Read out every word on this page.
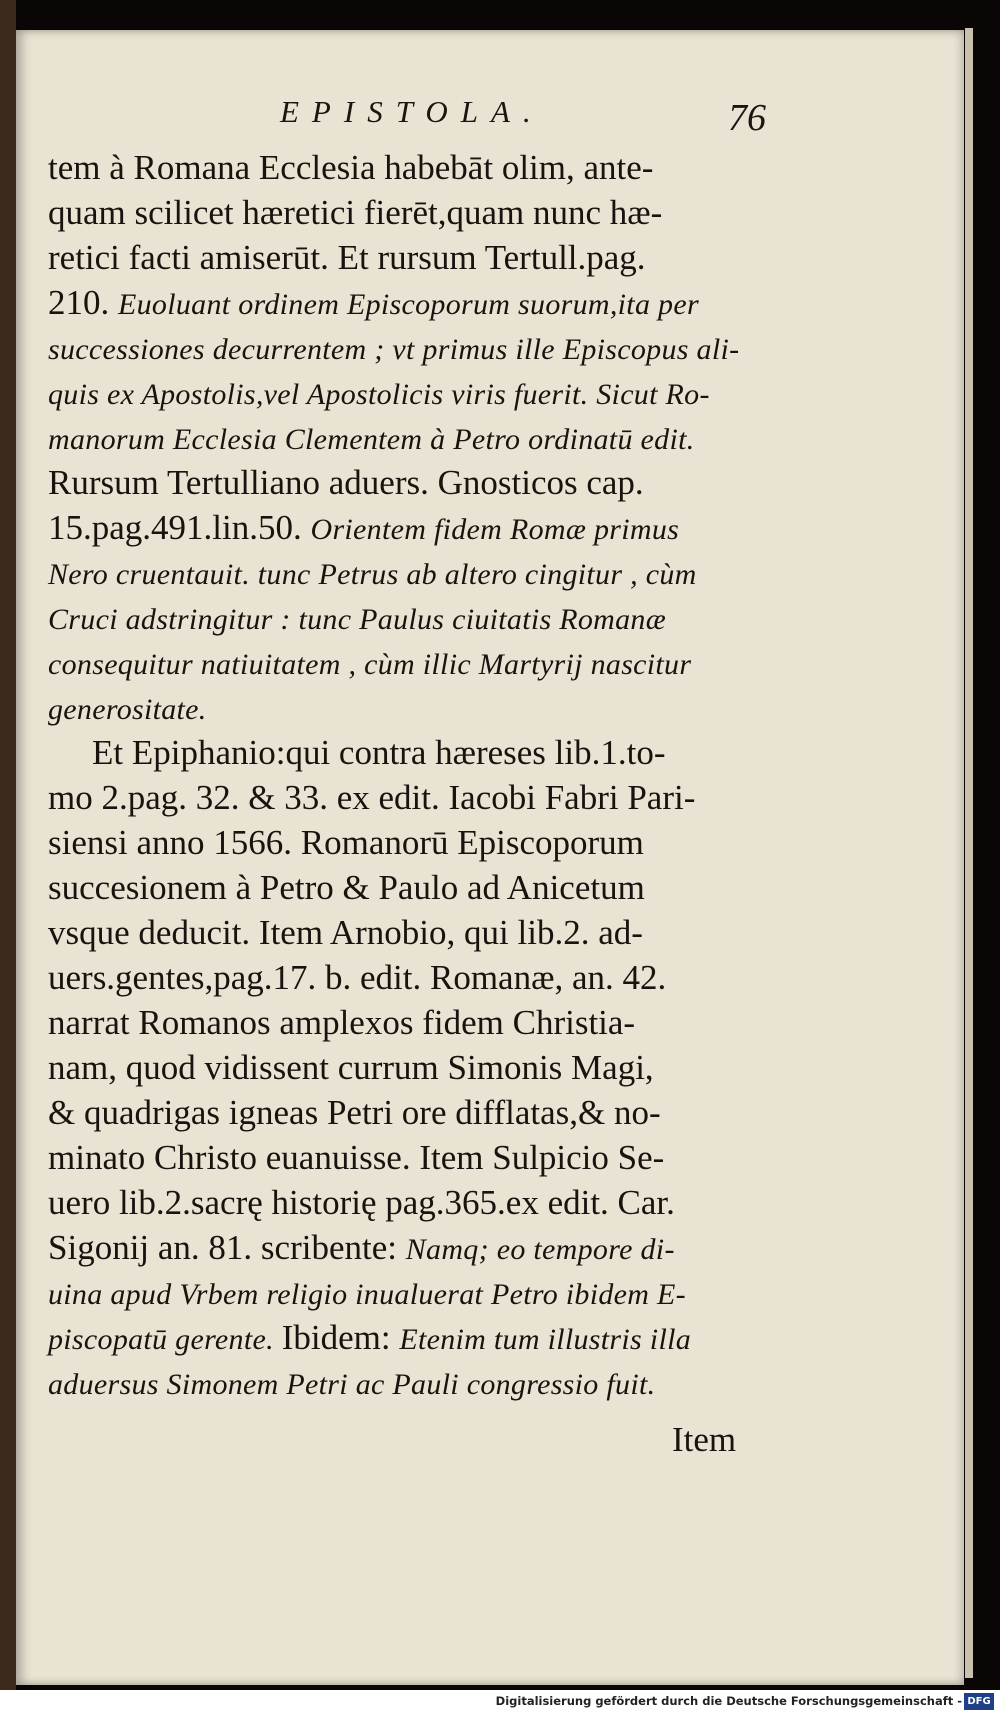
EPISTOLA.	76
tem à Romana Ecclesia habebāt olim, ante-
quam scilicet hæretici fierēt,quam nunc hæ-
retici facti amiserūt. Et rursum Tertull.pag.
210. Euoluant ordinem Episcoporum suorum,ita per
successiones decurrentem ; vt primus ille Episcopus ali-
quis ex Apostolis,vel Apostolicis viris fuerit. Sicut Ro-
manorum Ecclesia Clementem à Petro ordinatū edit.
Rursum Tertulliano aduers. Gnosticos cap.
15.pag.491.lin.50. Orientem fidem Romæ primus
Nero cruentauit. tunc Petrus ab altero cingitur , cùm
Cruci adstringitur : tunc Paulus ciuitatis Romanæ
consequitur natiuitatem , cùm illic Martyrij nascitur
generositate.
Et Epiphanio:qui contra hæreses lib.1.to-
mo 2.pag. 32. & 33. ex edit. Iacobi Fabri Pari-
siensi anno 1566. Romanorū Episcoporum
succesionem à Petro & Paulo ad Anicetum
vsque deducit. Item Arnobio, qui lib.2. ad-
uers.gentes,pag.17. b. edit. Romanæ, an. 42.
narrat Romanos amplexos fidem Christia-
nam, quod vidissent currum Simonis Magi,
& quadrigas igneas Petri ore difflatas,& no-
minato Christo euanuisse. Item Sulpicio Se-
uero lib.2.sacrę historię pag.365.ex edit. Car.
Sigonij an. 81. scribente: Namq; eo tempore di-
uina apud Vrbem religio inualuerat Petro ibidem E-
piscopatū gerente. Ibidem: Etenim tum illustris illa
aduersus Simonem Petri ac Pauli congressio fuit.
Item
Digitalisierung gefördert durch die Deutsche Forschungsgemeinschaft - DFG
